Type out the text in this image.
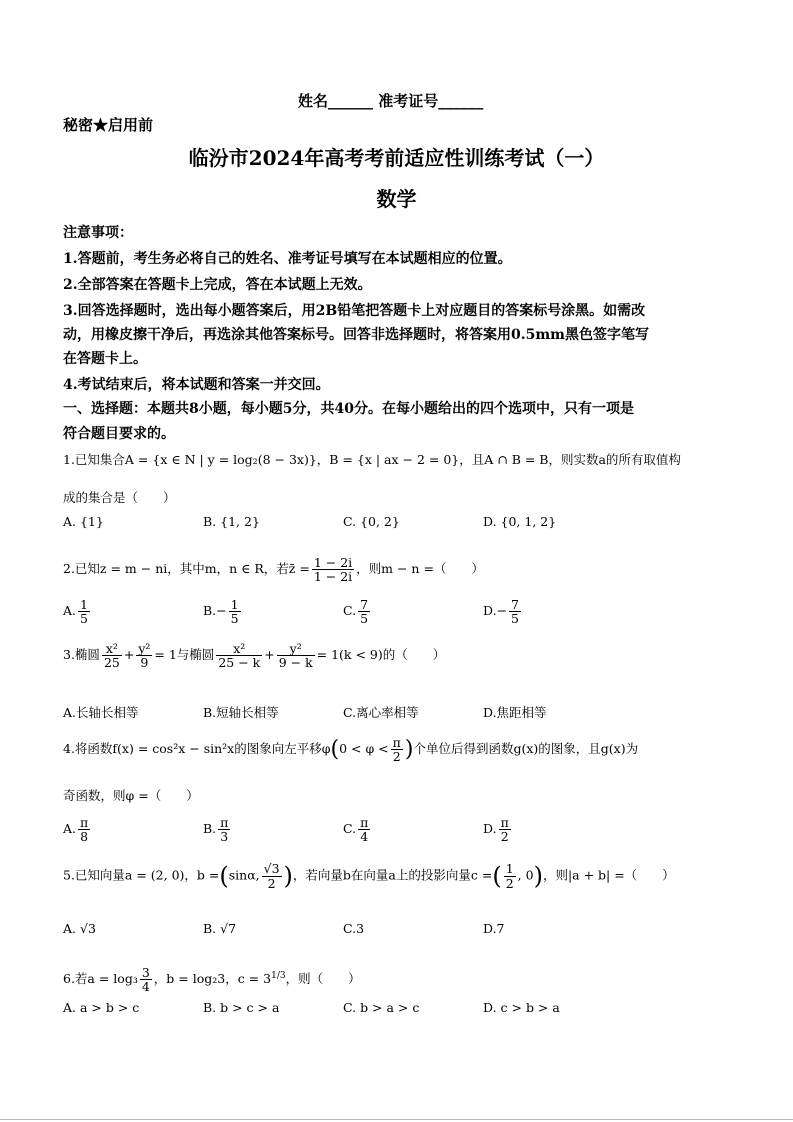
姓名______ 准考证号______
秘密★启用前
临汾市2024年高考考前适应性训练考试（一）
数学
注意事项：
1.答题前，考生务必将自己的姓名、准考证号填写在本试题相应的位置。
2.全部答案在答题卡上完成，答在本试题上无效。
3.回答选择题时，选出每小题答案后，用2B铅笔把答题卡上对应题目的答案标号涂黑。如需改
动，用橡皮擦干净后，再选涂其他答案标号。回答非选择题时，将答案用0.5mm黑色签字笔写
在答题卡上。
4.考试结束后，将本试题和答案一并交回。
一、选择题：本题共8小题，每小题5分，共40分。在每小题给出的四个选项中，只有一项是
符合题目要求的。
1.已知集合A = {x ∈ N | y = log₂(8 − 3x)}，B = {x | ax − 2 = 0}，且A ∩ B = B，则实数a的所有取值构
成的集合是（　　）
A. {1}	B. {1, 2}	C. {0, 2}	D. {0, 1, 2}
2.已知z = m − ni，其中m，n ∈ R，若z̄ = $\frac{1 - 2i}{1 - 2i}$ ，则m − n =（　　）
A. $\frac{1}{5}$	$B.- \frac{1}{5}$	C. $\frac{7}{5}$	$D.- \frac{7}{5}$
3.椭圆 $\frac{\text{x²}}{25} + \frac{\text{y²}}{9} = 1$与椭圆 $\frac{\text{x²}}{25 - k} + \frac{\text{y²}}{9 - k} = 1(k < 9)$的（　　）
A.长轴长相等	B.短轴长相等	C.离心率相等	D.焦距相等
4.将函数f(x) = cos²x − sin²x的图象向左平移$\varphi(0 < \varphi < \frac{\pi}{2}$ )个单位后得到函数g(x)的图象，且g(x)为
奇函数，则φ =（　　）
A. $\frac{\pi}{8}$	B. $\frac{\pi}{3}$	C. $\frac{\pi}{4}$	D. $\frac{\pi}{2}$
5.已知向量a = (2, 0)，b =(sinα, $\frac{√3}{2}$ )，若向量b在向量a上的投影向量c =( $\frac{1}{2}$ , 0)，则|a + b| =（　　）
A. √3	B. √7	C.3	D.7
6.若$a = \log_3 \frac{3}{4}$ ，b = log₂3，$c = 3^{1/3}$，则（　　）
A. a > b > c	B. b > c > a	C. b > a > c	D. c > b > a
